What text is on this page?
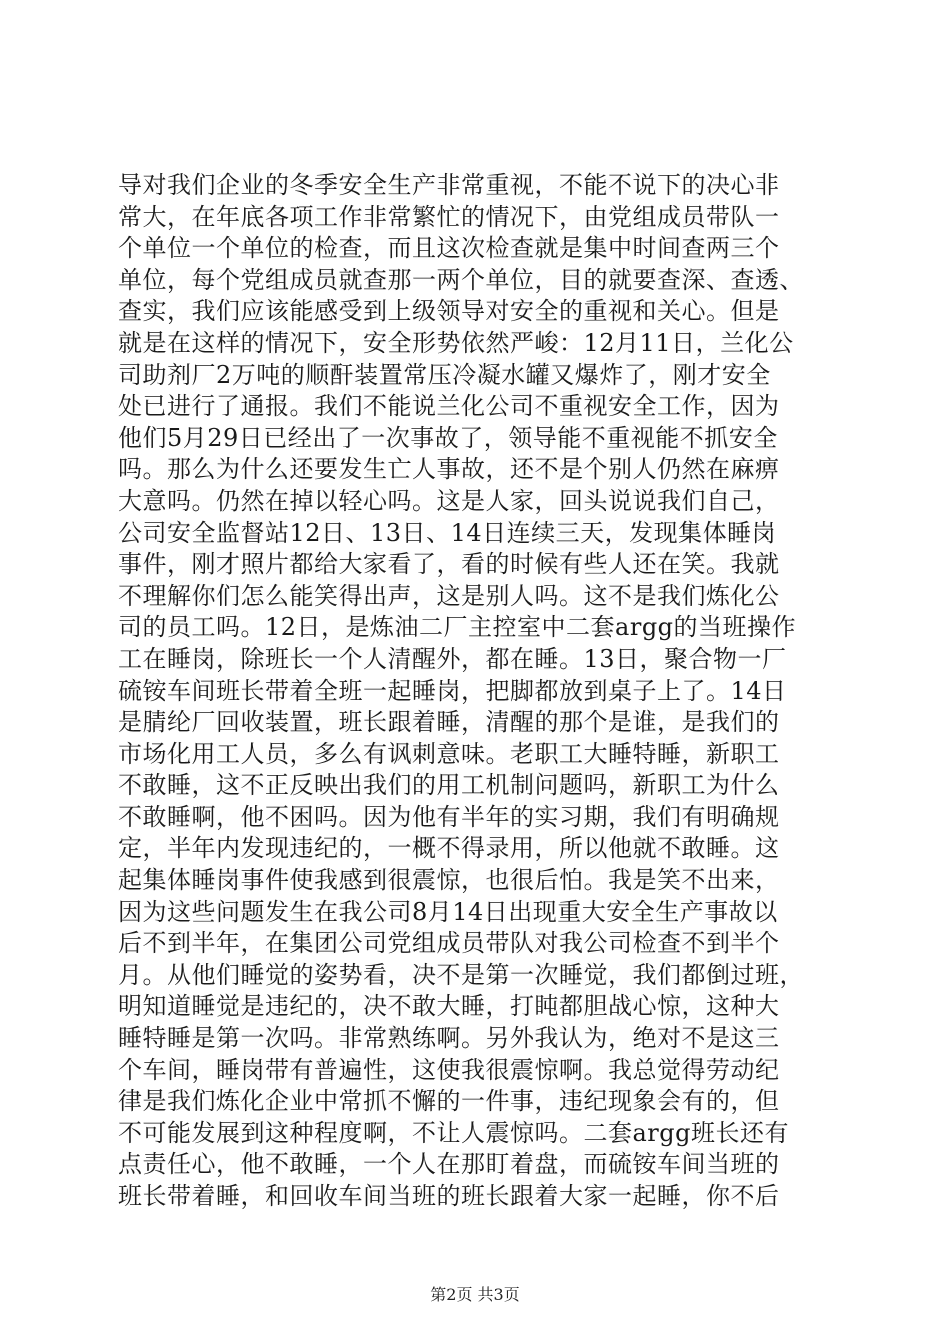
导对我们企业的冬季安全生产非常重视，不能不说下的决心非
常大，在年底各项工作非常繁忙的情况下，由党组成员带队一
个单位一个单位的检查，而且这次检查就是集中时间查两三个
单位，每个党组成员就查那一两个单位，目的就要查深、查透、
查实，我们应该能感受到上级领导对安全的重视和关心。但是
就是在这样的情况下，安全形势依然严峻：12月11日，兰化公
司助剂厂2万吨的顺酐装置常压冷凝水罐又爆炸了，刚才安全
处已进行了通报。我们不能说兰化公司不重视安全工作，因为
他们5月29日已经出了一次事故了，领导能不重视能不抓安全
吗。那么为什么还要发生亡人事故，还不是个别人仍然在麻痹
大意吗。仍然在掉以轻心吗。这是人家，回头说说我们自己，
公司安全监督站12日、13日、14日连续三天，发现集体睡岗
事件，刚才照片都给大家看了，看的时候有些人还在笑。我就
不理解你们怎么能笑得出声，这是别人吗。这不是我们炼化公
司的员工吗。12日，是炼油二厂主控室中二套argg的当班操作
工在睡岗，除班长一个人清醒外，都在睡。13日，聚合物一厂
硫铵车间班长带着全班一起睡岗，把脚都放到桌子上了。14日
是腈纶厂回收装置，班长跟着睡，清醒的那个是谁，是我们的
市场化用工人员，多么有讽刺意味。老职工大睡特睡，新职工
不敢睡，这不正反映出我们的用工机制问题吗，新职工为什么
不敢睡啊，他不困吗。因为他有半年的实习期，我们有明确规
定，半年内发现违纪的，一概不得录用，所以他就不敢睡。这
起集体睡岗事件使我感到很震惊，也很后怕。我是笑不出来，
因为这些问题发生在我公司8月14日出现重大安全生产事故以
后不到半年，在集团公司党组成员带队对我公司检查不到半个
月。从他们睡觉的姿势看，决不是第一次睡觉，我们都倒过班，
明知道睡觉是违纪的，决不敢大睡，打盹都胆战心惊，这种大
睡特睡是第一次吗。非常熟练啊。另外我认为，绝对不是这三
个车间，睡岗带有普遍性，这使我很震惊啊。我总觉得劳动纪
律是我们炼化企业中常抓不懈的一件事，违纪现象会有的，但
不可能发展到这种程度啊，不让人震惊吗。二套argg班长还有
点责任心，他不敢睡，一个人在那盯着盘，而硫铵车间当班的
班长带着睡，和回收车间当班的班长跟着大家一起睡，你不后
第2页 共3页
